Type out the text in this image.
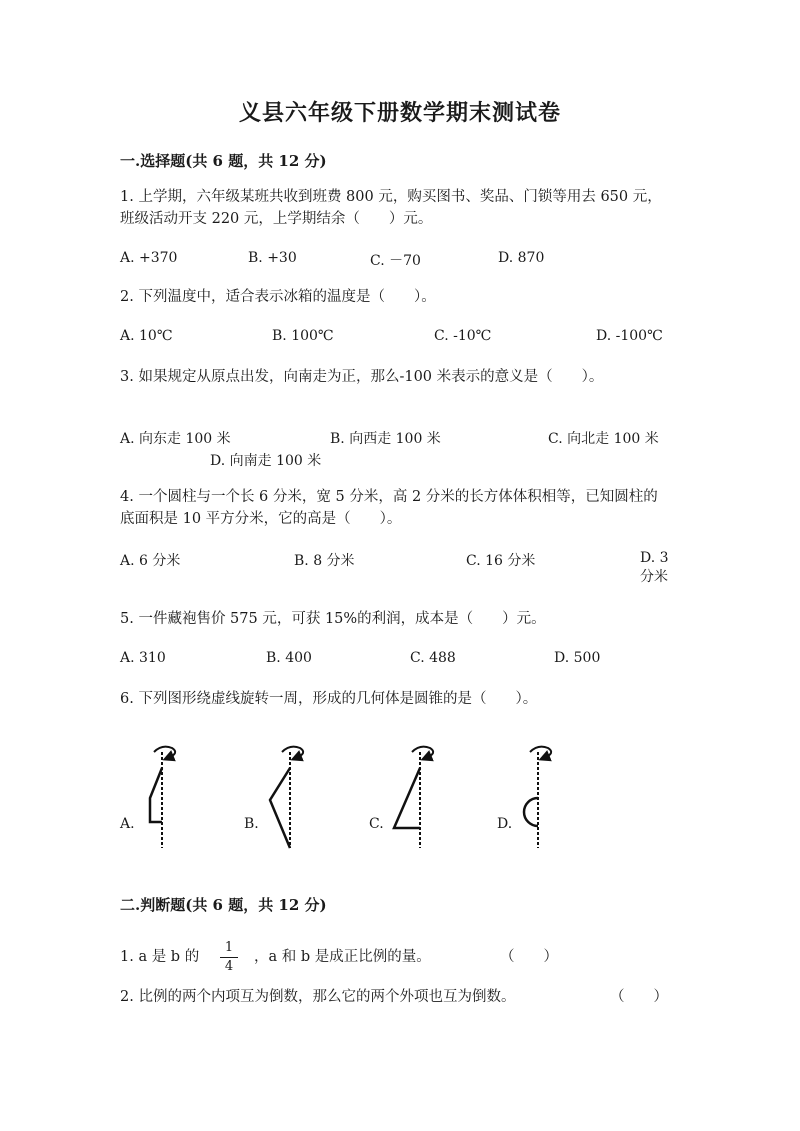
义县六年级下册数学期末测试卷
一.选择题(共 6 题，共 12 分)
1. 上学期，六年级某班共收到班费 800 元，购买图书、奖品、门锁等用去 650 元，班级活动开支 220 元，上学期结余（　　）元。
A. +370	B. +30	C. －70	D. 870
2. 下列温度中，适合表示冰箱的温度是（　　）。
A. 10℃	B. 100℃	C. -10℃	D. -100℃
3. 如果规定从原点出发，向南走为正，那么-100 米表示的意义是（　　）。
A. 向东走 100 米	B. 向西走 100 米	C. 向北走 100 米
D. 向南走 100 米
4. 一个圆柱与一个长 6 分米，宽 5 分米，高 2 分米的长方体体积相等，已知圆柱的底面积是 10 平方分米，它的高是（　　）。
A. 6 分米	B. 8 分米	C. 16 分米	D. 3 分米
5. 一件藏袍售价 575 元，可获 15%的利润，成本是（　　）元。
A. 310	B. 400	C. 488	D. 500
6. 下列图形绕虚线旋转一周，形成的几何体是圆锥的是（　　）。
A.	B.	C.	D.
二.判断题(共 6 题，共 12 分)
1. a 是 b 的
1
4
，a 和 b 是成正比例的量。	（　　）
2. 比例的两个内项互为倒数，那么它的两个外项也互为倒数。	（　　）
